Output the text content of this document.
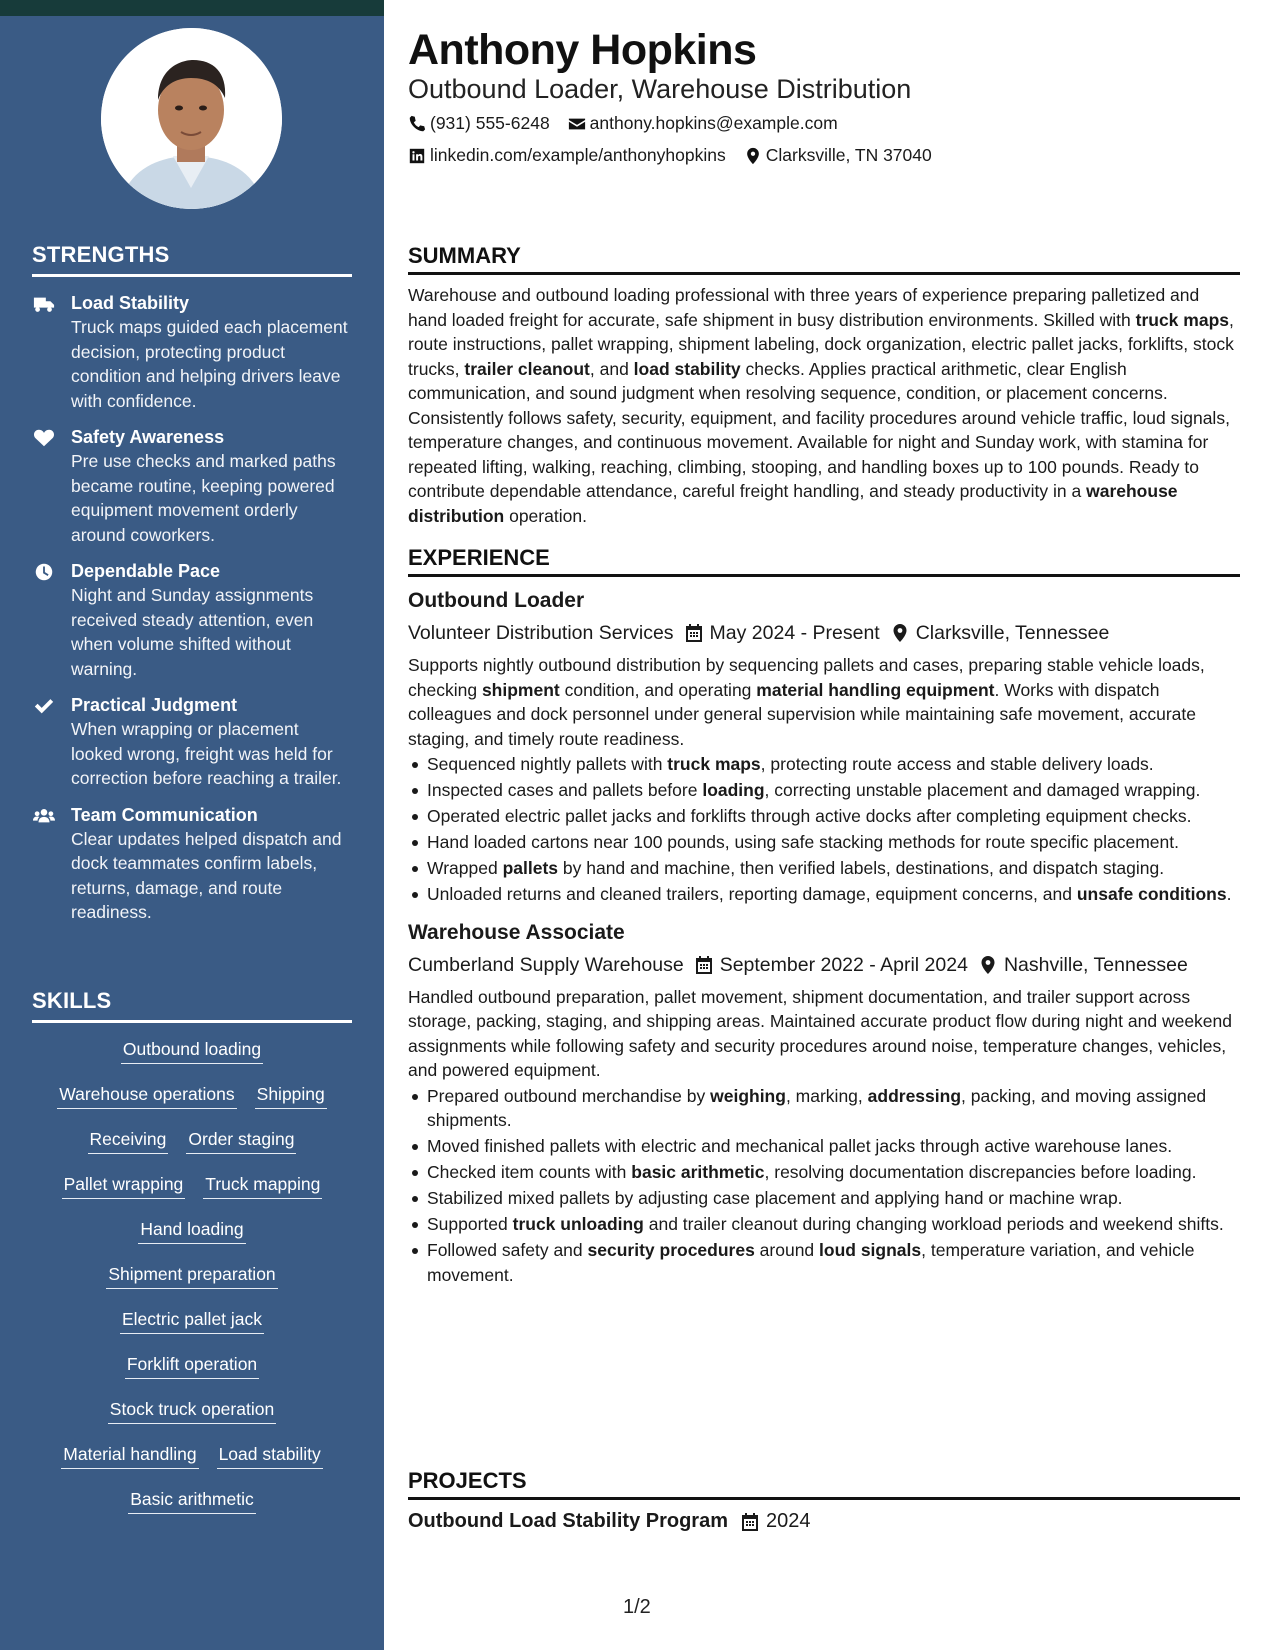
STRENGTHS
Load Stability
Truck maps guided each placement decision, protecting product condition and helping drivers leave with confidence.
Safety Awareness
Pre use checks and marked paths became routine, keeping powered equipment movement orderly around coworkers.
Dependable Pace
Night and Sunday assignments received steady attention, even when volume shifted without warning.
Practical Judgment
When wrapping or placement looked wrong, freight was held for correction before reaching a trailer.
Team Communication
Clear updates helped dispatch and dock teammates confirm labels, returns, damage, and route readiness.
SKILLS
Outbound loading
Warehouse operations Shipping
Receiving Order staging
Pallet wrapping Truck mapping
Hand loading
Shipment preparation
Electric pallet jack
Forklift operation
Stock truck operation
Material handling Load stability
Basic arithmetic
Anthony Hopkins
Outbound Loader, Warehouse Distribution
(931) 555-6248 anthony.hopkins@example.com
linkedin.com/example/anthonyhopkins Clarksville, TN 37040
SUMMARY

Warehouse and outbound loading professional with three years of experience preparing palletized and hand loaded freight for accurate, safe shipment in busy distribution environments. Skilled with truck maps, route instructions, pallet wrapping, shipment labeling, dock organization, electric pallet jacks, forklifts, stock trucks, trailer cleanout, and load stability checks. Applies practical arithmetic, clear English communication, and sound judgment when resolving sequence, condition, or placement concerns. Consistently follows safety, security, equipment, and facility procedures around vehicle traffic, loud signals, temperature changes, and continuous movement. Available for night and Sunday work, with stamina for repeated lifting, walking, reaching, climbing, stooping, and handling boxes up to 100 pounds. Ready to contribute dependable attendance, careful freight handling, and steady productivity in a warehouse distribution operation.

EXPERIENCE
Outbound Loader
Volunteer Distribution Services May 2024 - Present Clarksville, Tennessee

Supports nightly outbound distribution by sequencing pallets and cases, preparing stable vehicle loads, checking shipment condition, and operating material handling equipment. Works with dispatch colleagues and dock personnel under general supervision while maintaining safe movement, accurate staging, and timely route readiness.

Sequenced nightly pallets with truck maps, protecting route access and stable delivery loads.
Inspected cases and pallets before loading, correcting unstable placement and damaged wrapping.
Operated electric pallet jacks and forklifts through active docks after completing equipment checks.
Hand loaded cartons near 100 pounds, using safe stacking methods for route specific placement.
Wrapped pallets by hand and machine, then verified labels, destinations, and dispatch staging.
Unloaded returns and cleaned trailers, reporting damage, equipment concerns, and unsafe conditions.
Warehouse Associate
Cumberland Supply Warehouse September 2022 - April 2024 Nashville, Tennessee

Handled outbound preparation, pallet movement, shipment documentation, and trailer support across storage, packing, staging, and shipping areas. Maintained accurate product flow during night and weekend assignments while following safety and security procedures around noise, temperature changes, vehicles, and powered equipment.

Prepared outbound merchandise by weighing, marking, addressing, packing, and moving assigned shipments.
Moved finished pallets with electric and mechanical pallet jacks through active warehouse lanes.
Checked item counts with basic arithmetic, resolving documentation discrepancies before loading.
Stabilized mixed pallets by adjusting case placement and applying hand or machine wrap.
Supported truck unloading and trailer cleanout during changing workload periods and weekend shifts.
Followed safety and security procedures around loud signals, temperature variation, and vehicle movement.
PROJECTS
Outbound Load Stability Program 2024
1/2
